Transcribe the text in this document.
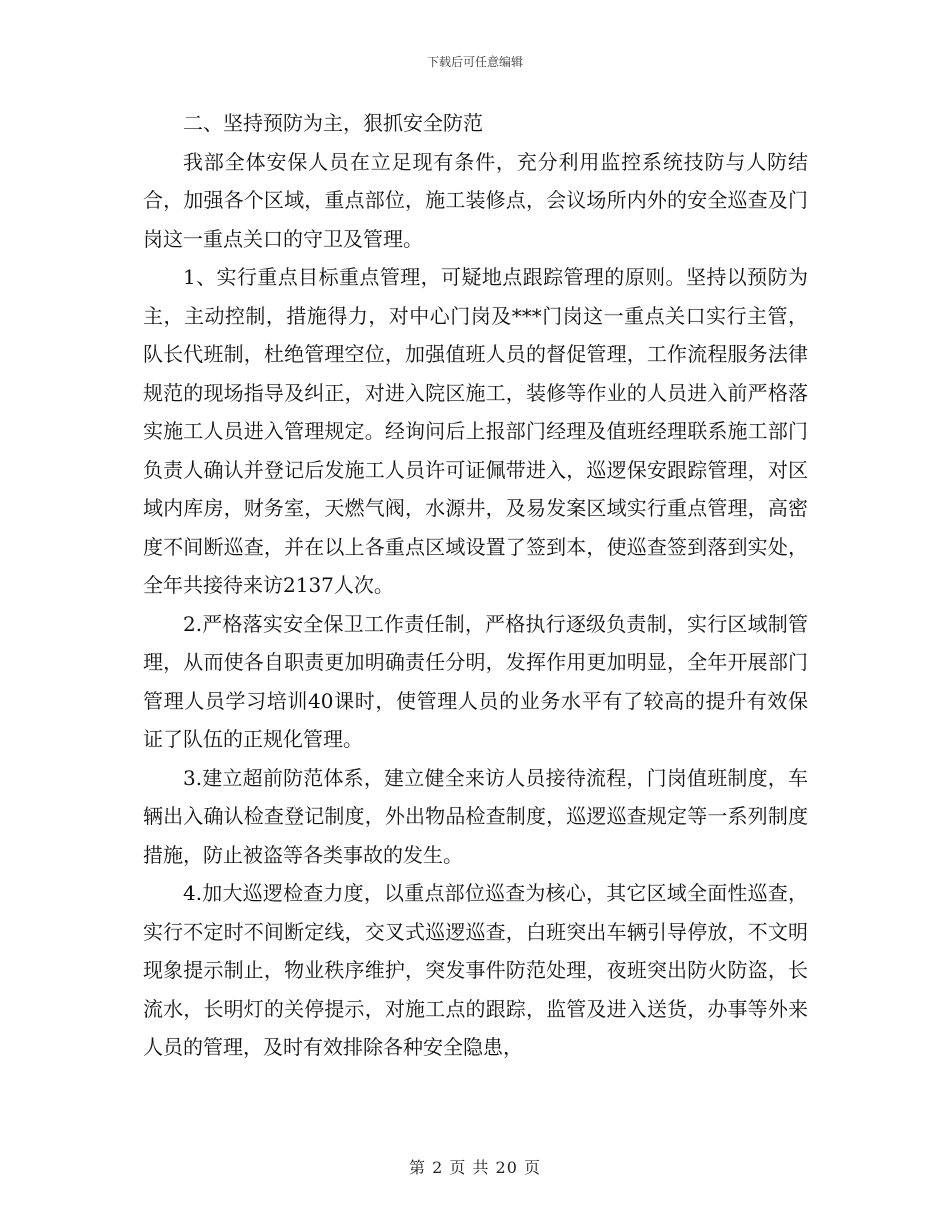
下载后可任意编辑

二、坚持预防为主，狠抓安全防范

我部全体安保人员在立足现有条件，充分利用监控系统技防与人防结合，加强各个区域，重点部位，施工装修点，会议场所内外的安全巡查及门岗这一重点关口的守卫及管理。

1、实行重点目标重点管理，可疑地点跟踪管理的原则。坚持以预防为主，主动控制，措施得力，对中心门岗及***门岗这一重点关口实行主管，队长代班制，杜绝管理空位，加强值班人员的督促管理，工作流程服务法律规范的现场指导及纠正，对进入院区施工，装修等作业的人员进入前严格落实施工人员进入管理规定。经询问后上报部门经理及值班经理联系施工部门负责人确认并登记后发施工人员许可证佩带进入，巡逻保安跟踪管理，对区域内库房，财务室，天燃气阀，水源井，及易发案区域实行重点管理，高密度不间断巡查，并在以上各重点区域设置了签到本，使巡查签到落到实处，全年共接待来访2137人次。

2.严格落实安全保卫工作责任制，严格执行逐级负责制，实行区域制管理，从而使各自职责更加明确责任分明，发挥作用更加明显，全年开展部门管理人员学习培训40课时，使管理人员的业务水平有了较高的提升有效保证了队伍的正规化管理。

3.建立超前防范体系，建立健全来访人员接待流程，门岗值班制度，车辆出入确认检查登记制度，外出物品检查制度，巡逻巡查规定等一系列制度措施，防止被盗等各类事故的发生。

4.加大巡逻检查力度，以重点部位巡查为核心，其它区域全面性巡查，实行不定时不间断定线，交叉式巡逻巡查，白班突出车辆引导停放，不文明现象提示制止，物业秩序维护，突发事件防范处理，夜班突出防火防盗，长流水，长明灯的关停提示，对施工点的跟踪，监管及进入送货，办事等外来人员的管理，及时有效排除各种安全隐患，

第 2 页 共 20 页
